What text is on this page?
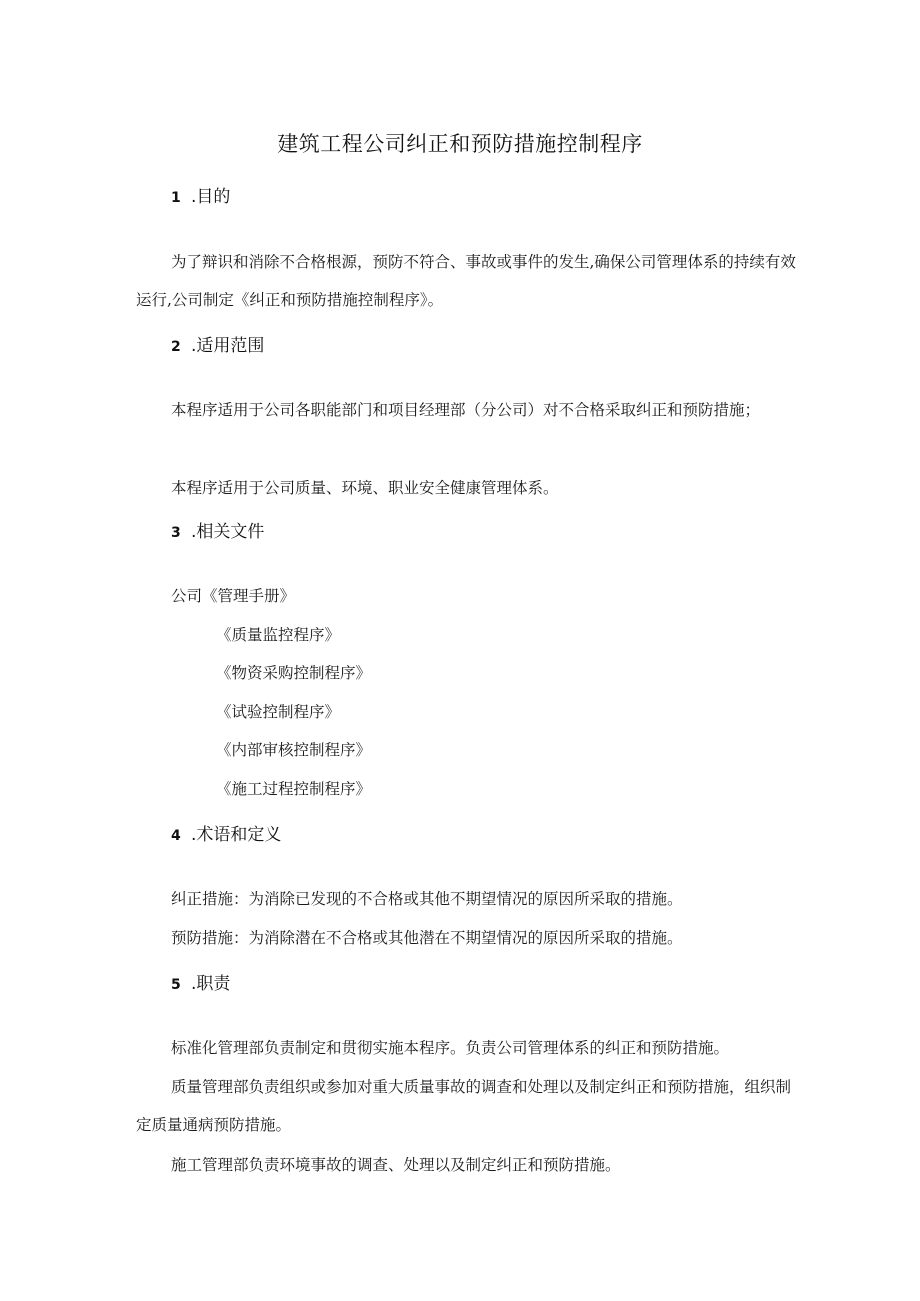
建筑工程公司纠正和预防措施控制程序
1 .目的

为了辩识和消除不合格根源，预防不符合、事故或事件的发生,确保公司管理体系的持续有效运行,公司制定《纠正和预防措施控制程序》。

2 .适用范围

本程序适用于公司各职能部门和项目经理部（分公司）对不合格采取纠正和预防措施；

本程序适用于公司质量、环境、职业安全健康管理体系。

3 .相关文件
公司《管理手册》
《质量监控程序》
《物资采购控制程序》
《试验控制程序》
《内部审核控制程序》
《施工过程控制程序》
4 .术语和定义
纠正措施：为消除已发现的不合格或其他不期望情况的原因所采取的措施。
预防措施：为消除潜在不合格或其他潜在不期望情况的原因所采取的措施。
5 .职责

标准化管理部负责制定和贯彻实施本程序。负责公司管理体系的纠正和预防措施。

质量管理部负责组织或参加对重大质量事故的调查和处理以及制定纠正和预防措施，组织制定质量通病预防措施。

施工管理部负责环境事故的调查、处理以及制定纠正和预防措施。
